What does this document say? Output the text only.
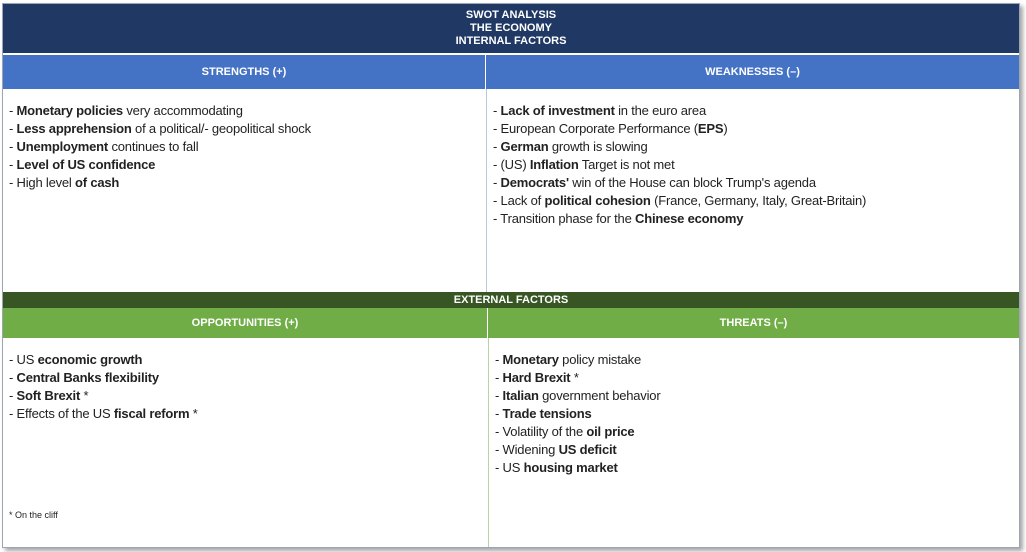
SWOT ANALYSIS
THE ECONOMY
INTERNAL FACTORS
STRENGTHS (+)	WEAKNESSES (–)
- Monetary policies very accommodating
- Less apprehension of a political/- geopolitical shock
- Unemployment continues to fall
- Level of US confidence
- High level of cash
- Lack of investment in the euro area
- European Corporate Performance (EPS)
- German growth is slowing
- (US) Inflation Target is not met
- Democrats' win of the House can block Trump's agenda
- Lack of political cohesion (France, Germany, Italy, Great-Britain)
- Transition phase for the Chinese economy
EXTERNAL FACTORS
OPPORTUNITIES (+)	THREATS (–)
- US economic growth
- Central Banks flexibility
- Soft Brexit *
- Effects of the US fiscal reform *
- Monetary policy mistake
- Hard Brexit *
- Italian government behavior
- Trade tensions
- Volatility of the oil price
- Widening US deficit
- US housing market
* On the cliff
